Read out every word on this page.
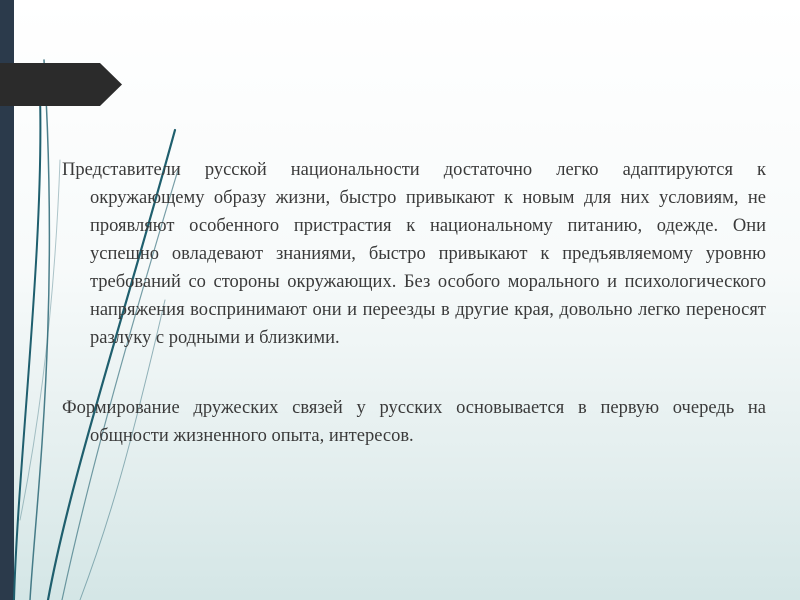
Представители русской национальности достаточно легко адаптируются к окружающему образу жизни, быстро привыкают к новым для них условиям, не проявляют особенного пристрастия к национальному питанию, одежде. Они успешно овладевают знаниями, быстро привыкают к предъявляемому уровню требований со стороны окружающих. Без особого морального и психологического напряжения воспринимают они и переезды в другие края, довольно легко переносят разлуку с родными и близкими.

Формирование дружеских связей у русских основывается в первую очередь на общности жизненного опыта, интересов.
